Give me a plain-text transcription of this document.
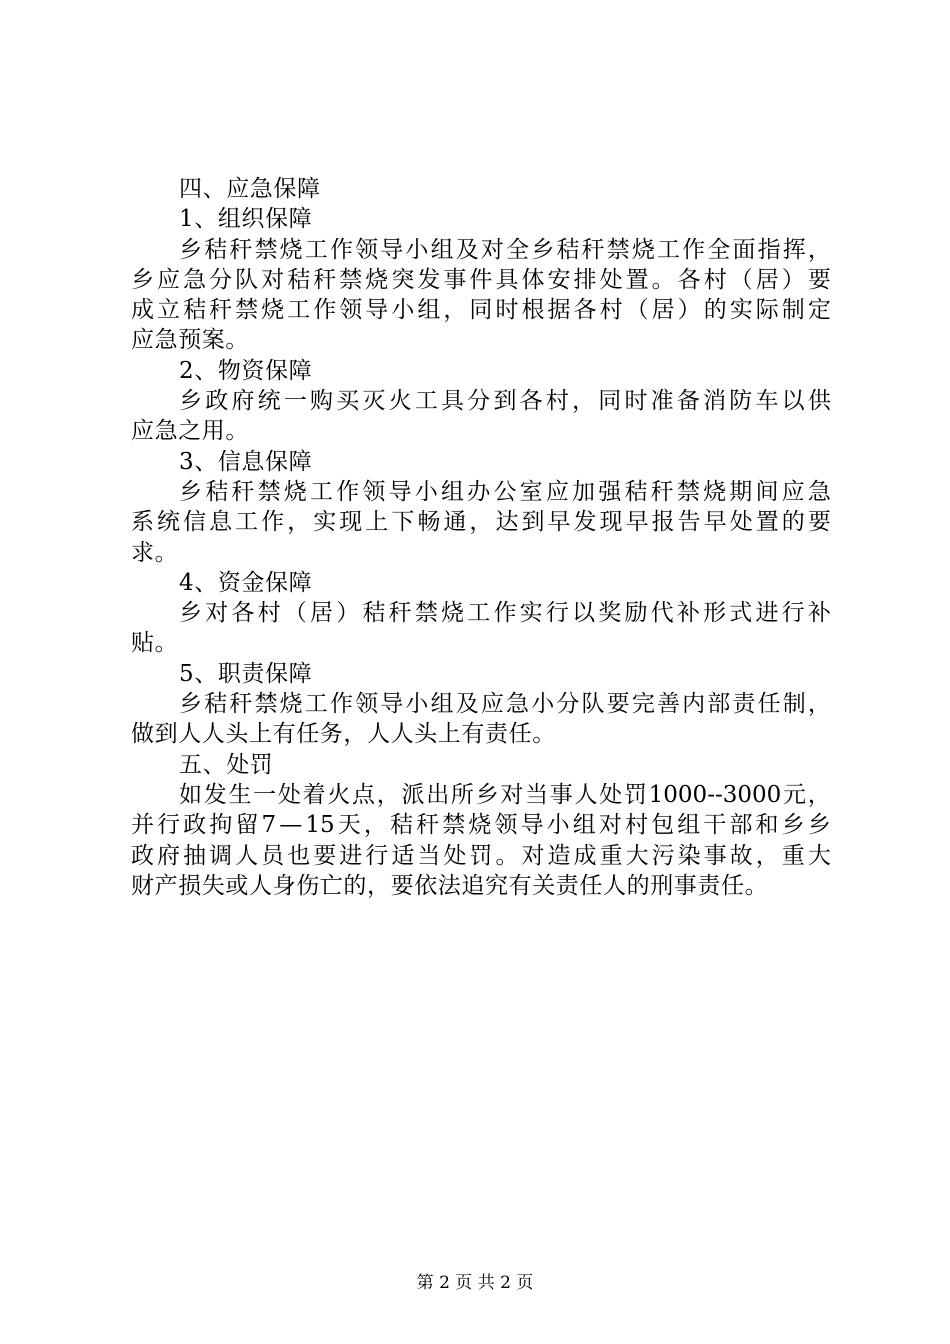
四、应急保障
1、组织保障
乡 秸 秆 禁 烧 工 作 领 导 小 组 及 对 全 乡 秸 秆 禁 烧 工 作 全 面 指 挥 ，
乡 应 急 分 队 对 秸 秆 禁 烧 突 发 事 件 具 体 安 排 处 置 。 各 村 （ 居 ） 要
成 立 秸 秆 禁 烧 工 作 领 导 小 组 ， 同 时 根 据 各 村 （ 居 ） 的 实 际 制 定
应急预案。
2、物资保障
乡 政 府 统 一 购 买 灭 火 工 具 分 到 各 村 ， 同 时 准 备 消 防 车 以 供
应急之用。
3、信息保障
乡 秸 秆 禁 烧 工 作 领 导 小 组 办 公 室 应 加 强 秸 秆 禁 烧 期 间 应 急
系 统 信 息 工 作 ， 实 现 上 下 畅 通 ， 达 到 早 发 现 早 报 告 早 处 置 的 要
求。
4、资金保障
乡 对 各 村 （ 居 ） 秸 秆 禁 烧 工 作 实 行 以 奖 励 代 补 形 式 进 行 补
贴。
5、职责保障
乡 秸 秆 禁 烧 工 作 领 导 小 组 及 应 急 小 分 队 要 完 善 内 部 责 任 制 ，
做到人人头上有任务，人人头上有责任。
五、处罚
如 发 生 一 处 着 火 点 ， 派 出 所 乡 对 当 事 人 处 罚 1000--3000 元 ，
并 行 政 拘 留 7 — 15 天 ， 秸 秆 禁 烧 领 导 小 组 对 村 包 组 干 部 和 乡 乡
政 府 抽 调 人 员 也 要 进 行 适 当 处 罚 。 对 造 成 重 大 污 染 事 故 ， 重 大
财产损失或人身伤亡的，要依法追究有关责任人的刑事责任。
第 2 页 共 2 页
